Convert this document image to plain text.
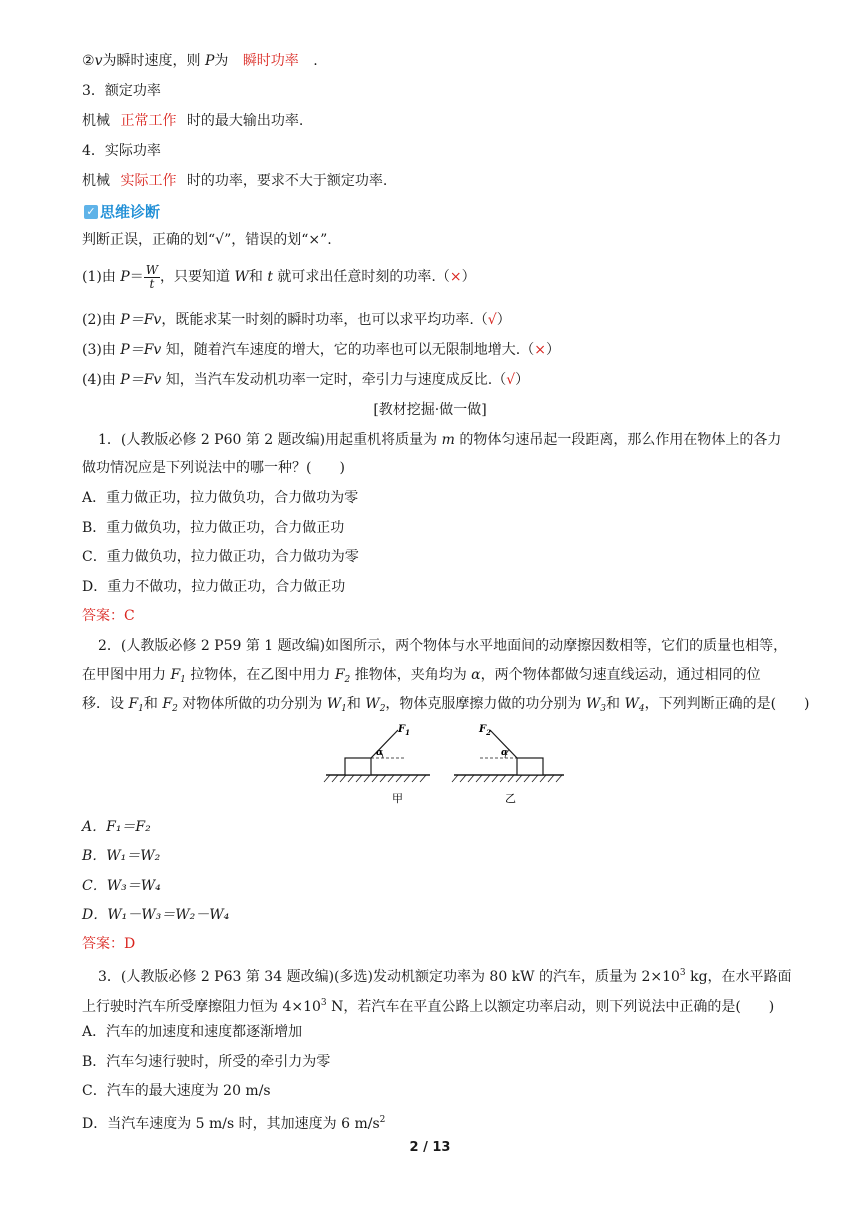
②v为瞬时速度，则 P为 瞬时功率 .
3．额定功率
机械 正常工作 时的最大输出功率.
4．实际功率
机械 实际工作 时的功率，要求不大于额定功率.
✓ 思维诊断
判断正误，正确的划“√”，错误的划“×”.
(1)由 $P= \frac{W}{t}$ ，只要知道 W和 t 就可求出任意时刻的功率.（×）
(2)由 P＝Fv，既能求某一时刻的瞬时功率，也可以求平均功率.（√）
(3)由 P＝Fv 知，随着汽车速度的增大，它的功率也可以无限制地增大.（×）
(4)由 P＝Fv 知，当汽车发动机功率一定时，牵引力与速度成反比.（√）
[教材挖掘·做一做]
1．(人教版必修 2 P60 第 2 题改编)用起重机将质量为 m 的物体匀速吊起一段距离，那么作用在物体上的各力
做功情况应是下列说法中的哪一种？(　　)
A．重力做正功，拉力做负功，合力做功为零
B．重力做负功，拉力做正功，合力做正功
C．重力做负功，拉力做正功，合力做功为零
D．重力不做功，拉力做正功，合力做正功
答案：C
2．(人教版必修 2 P59 第 1 题改编)如图所示，两个物体与水平地面间的动摩擦因数相等，它们的质量也相等，
在甲图中用力 $F_1$ 拉物体，在乙图中用力 $F_2$ 推物体，夹角均为 α，两个物体都做匀速直线运动，通过相同的位
移．设 $F_1$和 $F_2$ 对物体所做的功分别为 $W_1$和 $W_2$，物体克服摩擦力做的功分别为 $W_3$和 $W_4$，下列判断正确的是(　　)
α
$F_1$
甲
α
$F_2$
乙
A．F₁＝F₂
B．W₁＝W₂
C．W₃＝W₄
D．W₁－W₃＝W₂－W₄
答案：D
3．(人教版必修 2 P63 第 34 题改编)(多选)发动机额定功率为 80 kW 的汽车，质量为 $2\times 10^3$ kg，在水平路面
上行驶时汽车所受摩擦阻力恒为 $4\times 10^3$ N，若汽车在平直公路上以额定功率启动，则下列说法中正确的是(　　)
A．汽车的加速度和速度都逐渐增加
B．汽车匀速行驶时，所受的牵引力为零
C．汽车的最大速度为 20 m/s
D．当汽车速度为 5 m/s 时，其加速度为 6 $m/s^2$
2 / 13
